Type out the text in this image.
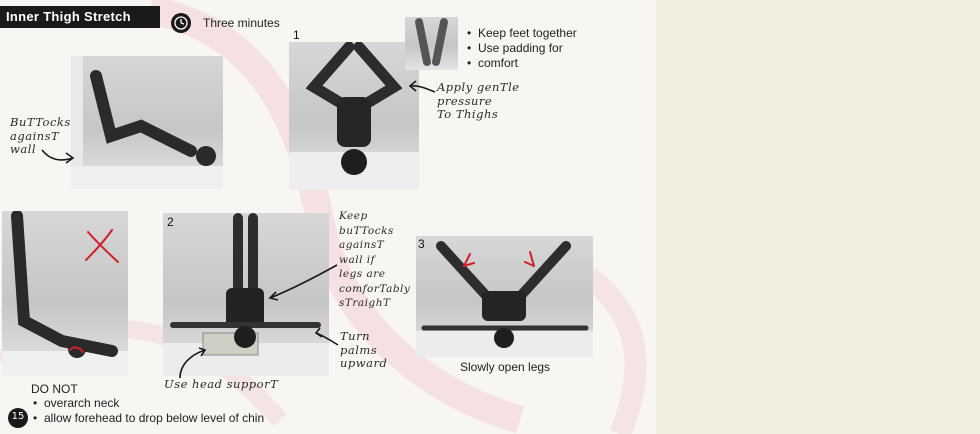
Inner Thigh Stretch	Three minutes
1
2
3
• Keep feet together
• Use padding for
• comfort
BuTTocks
againsT
wall
Apply genTle
pressure
To Thighs
Keep
buTTocks
againsT
wall if
legs are
comforTably
sTraighT
Turn
palms
upward
Use head supporT
Slowly open legs
DO NOT
• overarch neck
• allow forehead to drop below level of chin
15
